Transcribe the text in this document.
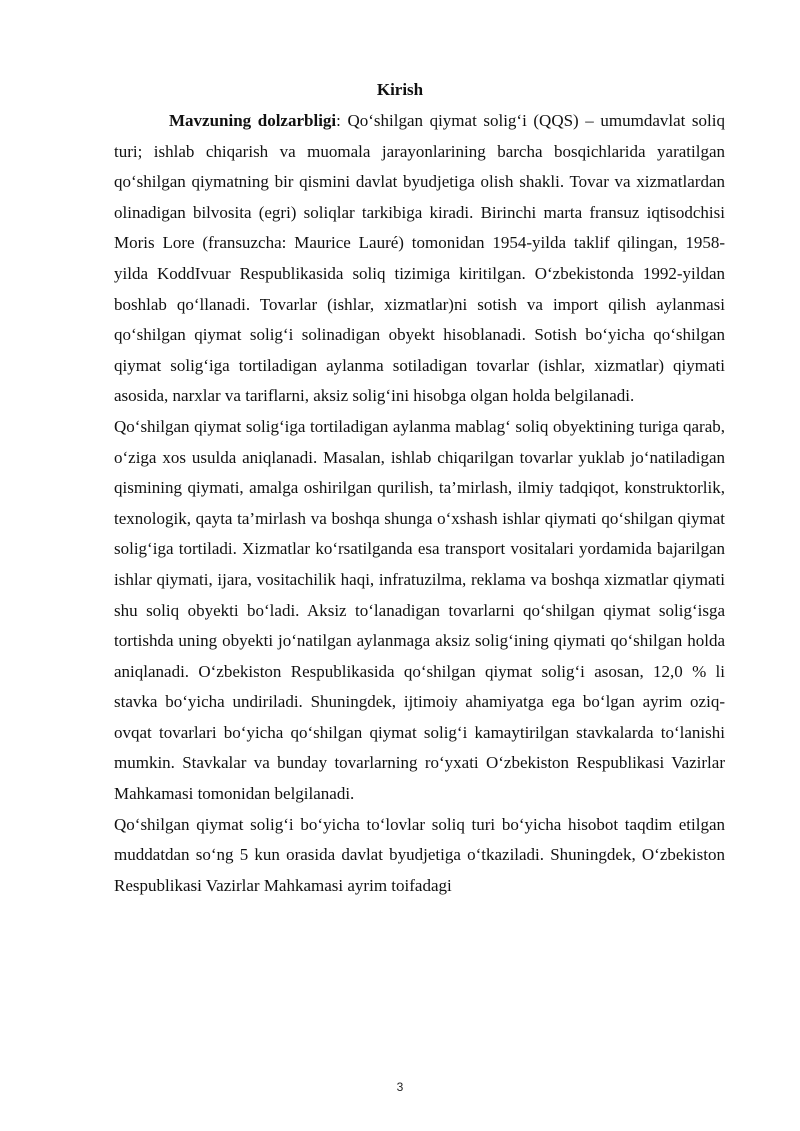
Kirish

Mavzuning dolzarbligi: Qo‘shilgan qiymat solig‘i (QQS) – umumdavlat soliq turi; ishlab chiqarish va muomala jarayonlarining barcha bosqichlarida yaratilgan qo‘shilgan qiymatning bir qismini davlat byudjetiga olish shakli. Tovar va xizmatlardan olinadigan bilvosita (egri) soliqlar tarkibiga kiradi. Birinchi marta fransuz iqtisodchisi Moris Lore (fransuzcha: Maurice Lauré) tomonidan 1954-yilda taklif qilingan, 1958-yilda KoddIvuar Respublikasida soliq tizimiga kiritilgan. O‘zbekistonda 1992-yildan boshlab qo‘llanadi. Tovarlar (ishlar, xizmatlar)ni sotish va import qilish aylanmasi qo‘shilgan qiymat solig‘i solinadigan obyekt hisoblanadi. Sotish bo‘yicha qo‘shilgan qiymat solig‘iga tortiladigan aylanma sotiladigan tovarlar (ishlar, xizmatlar) qiymati asosida, narxlar va tariflarni, aksiz solig‘ini hisobga olgan holda belgilanadi.

Qo‘shilgan qiymat solig‘iga tortiladigan aylanma mablag‘ soliq obyektining turiga qarab, o‘ziga xos usulda aniqlanadi. Masalan, ishlab chiqarilgan tovarlar yuklab jo‘natiladigan qismining qiymati, amalga oshirilgan qurilish, ta’mirlash, ilmiy tadqiqot, konstruktorlik, texnologik, qayta ta’mirlash va boshqa shunga o‘xshash ishlar qiymati qo‘shilgan qiymat solig‘iga tortiladi. Xizmatlar ko‘rsatilganda esa transport vositalari yordamida bajarilgan ishlar qiymati, ijara, vositachilik haqi, infratuzilma, reklama va boshqa xizmatlar qiymati shu soliq obyekti bo‘ladi. Aksiz to‘lanadigan tovarlarni qo‘shilgan qiymat solig‘isga tortishda uning obyekti jo‘natilgan aylanmaga aksiz solig‘ining qiymati qo‘shilgan holda aniqlanadi. O‘zbekiston Respublikasida qo‘shilgan qiymat solig‘i asosan, 12,0 % li stavka bo‘yicha undiriladi. Shuningdek, ijtimoiy ahamiyatga ega bo‘lgan ayrim oziq-ovqat tovarlari bo‘yicha qo‘shilgan qiymat solig‘i kamaytirilgan stavkalarda to‘lanishi mumkin. Stavkalar va bunday tovarlarning ro‘yxati O‘zbekiston Respublikasi Vazirlar Mahkamasi tomonidan belgilanadi.

Qo‘shilgan qiymat solig‘i bo‘yicha to‘lovlar soliq turi bo‘yicha hisobot taqdim etilgan muddatdan so‘ng 5 kun orasida davlat byudjetiga o‘tkaziladi. Shuningdek, O‘zbekiston Respublikasi Vazirlar Mahkamasi ayrim toifadagi

3
